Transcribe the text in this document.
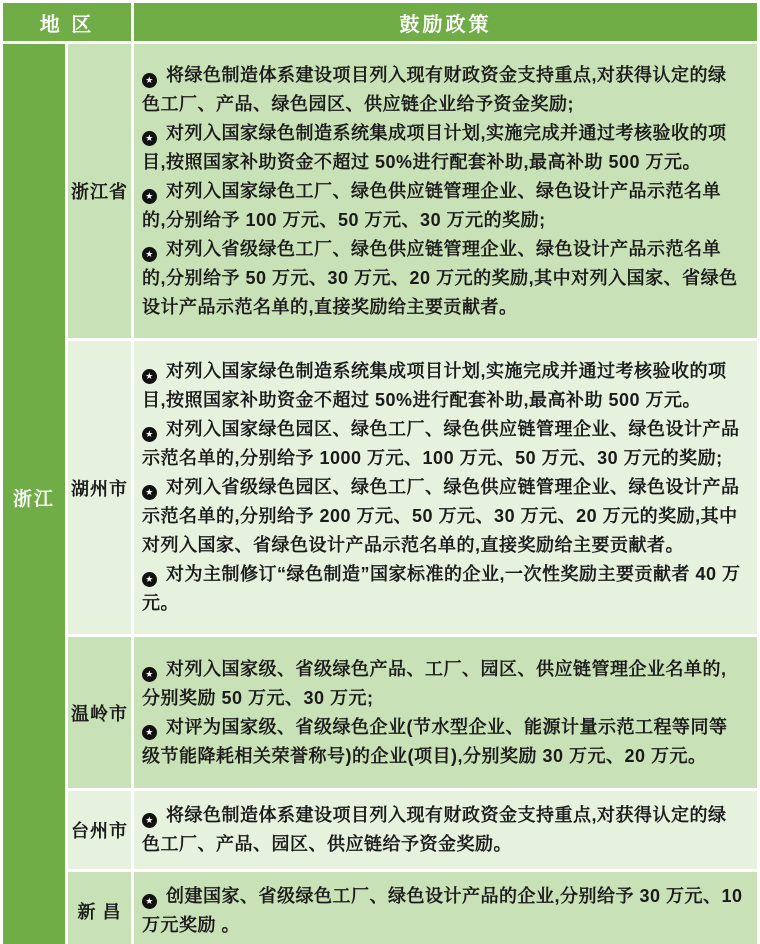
地 区		鼓励政策
浙江	浙江省	★ 将绿色制造体系建设项目列入现有财政资金支持重点,对获得认定的绿色工厂、产品、绿色园区、供应链企业给予资金奖励;

★ 对列入国家绿色制造系统集成项目计划,实施完成并通过考核验收的项目,按照国家补助资金不超过 50%进行配套补助,最高补助 500 万元。

★ 对列入国家绿色工厂、绿色供应链管理企业、绿色设计产品示范名单的,分别给予 100 万元、50 万元、30 万元的奖励;

★ 对列入省级绿色工厂、绿色供应链管理企业、绿色设计产品示范名单的,分别给予 50 万元、30 万元、20 万元的奖励,其中对列入国家、省绿色设计产品示范名单的,直接奖励给主要贡献者。

	湖州市	★ 对列入国家绿色制造系统集成项目计划,实施完成并通过考核验收的项目,按照国家补助资金不超过 50%进行配套补助,最高补助 500 万元。

★ 对列入国家绿色园区、绿色工厂、绿色供应链管理企业、绿色设计产品示范名单的,分别给予 1000 万元、100 万元、50 万元、30 万元的奖励;

★ 对列入省级绿色园区、绿色工厂、绿色供应链管理企业、绿色设计产品示范名单的,分别给予 200 万元、50 万元、30 万元、20 万元的奖励,其中对列入国家、省绿色设计产品示范名单的,直接奖励给主要贡献者。

★ 对为主制修订“绿色制造”国家标准的企业,一次性奖励主要贡献者 40 万元。

	温岭市	★ 对列入国家级、省级绿色产品、工厂、园区、供应链管理企业名单的,分别奖励 50 万元、30 万元;

★ 对评为国家级、省级绿色企业(节水型企业、能源计量示范工程等同等级节能降耗相关荣誉称号)的企业(项目),分别奖励 30 万元、20 万元。

	台州市	★ 将绿色制造体系建设项目列入现有财政资金支持重点,对获得认定的绿色工厂、产品、园区、供应链给予资金奖励。

	新 昌	★ 创建国家、省级绿色工厂、绿色设计产品的企业,分别给予 30 万元、10 万元奖励 。
